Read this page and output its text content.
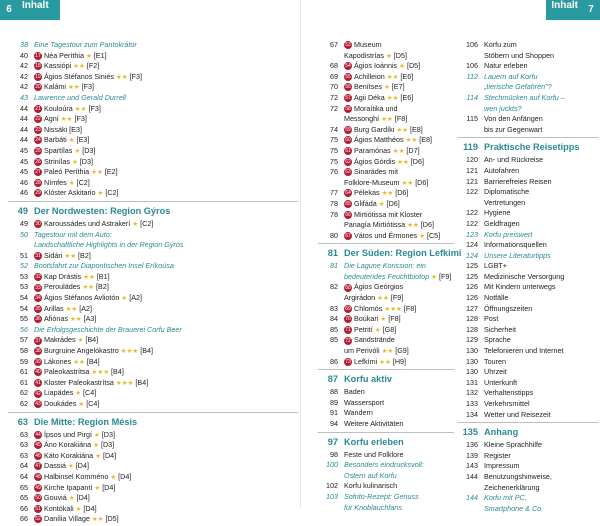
6	Inhalt
38 Eine Tagestour zum Pantokrátor
40 17 Néa Períthia ★ [E1]
42 18 Kassiópi ★★ [F2]
42 19 Ágios Stéfanos Siniés ★★ [F3]
42 20 Kalámi ★★ [F3]
43 Lawrence und Gerald Durrell
44 21 Kouloúra ★★ [F3]
44 22 Agní ★★ [F3]
44 23 Nissáki [E3]
44 24 Barbáti ★ [E3]
45 25 Spartílas ★ [D3]
45 26 Strinílas ★ [D3]
45 27 Paleó Períthia ★★ [E2]
46 28 Nímfes ★ [C2]
46 29 Klóster Askitario ★ [C2]
49 Der Nordwesten: Region Gýros
49 30 Karoussádes und Astrakerí ★ [C2]
50 Tagestour mit dem Auto:
Landschaftliche Highlights in der Region Gýros
51 31 Sidári ★★ [B2]
52 Bootsfahrt zur Diapontischen Insel Eríkoúsa
53 32 Kap Drástis ★★ [B1]
53 33 Peroulädes ★★ [B2]
54 34 Ágios Stéfanos Avliotón ★ [A2]
54 35 Arillas ★★ [A2]
55 36 Afiónas ★★ [A3]
56 Die Erfolgsgeschichte der Brauerei Corfu Beer
57 37 Makrádes ★ [B4]
58 38 Burgruine Angelókastro ★★★ [B4]
59 39 Lákones ★★ [B4]
61 40 Paleokastrítsa ★★★ [B4]
61 41 Kloster Paleokastrítsa ★★★ [B4]
62 42 Liapädes ★ [C4]
62 43 Doukádes ★ [C4]
63 Die Mitte: Region Mésis
63 44 Ípsos und Pirgí ★ [D3]
63 45 Áno Korakiána ★ [D3]
63 46 Káto Korakiána ★ [D4]
64 47 Dassiá ★ [D4]
64 48 Halbinsel Komméno ★ [D4]
65 49 Kirche Ipapantí ★ [D4]
65 50 Gouviá ★ [D4]
66 51 Kontókali ★ [D4]
66 52 Danília Village ★★ [D5]
Inhalt	7
67 53 Museum
Kapodistrías ★ [D5]
68 54 Ágios Ioánnis ★ [D5]
69 55 Achilleion ★★ [E6]
70 56 Benítses ★ [E7]
72 57 Agii Déka ★★ [E6]
72 58 Moraítika und
Messonghí ★★ [F8]
74 59 Burg Gardíki ★★ [E8]
75 60 Ágios Matthéos ★★ [E8]
75 61 Paramónas ★★ [D7]
75 62 Ágios Górdis ★★ [D6]
76 63 Sinarádes mit
Folklore-Museum ★★ [D6]
77 64 Pélekas ★★ [D6]
78 65 Glifáda ★ [D6]
78 66 Mirtiótissa mit Kloster
Panagía Mirtiótissa ★★ [D6]
80 67 Vátos und Érmones ★ [C5]
81 Der Süden: Region Lefkimi
81 Die Lagune Korission: ein
bedeutendes Feuchtbiotop ★ [F9]
82 68 Ágios Geórgios
Argirádon ★★ [F9]
83 69 Chlomós ★★★ [F8]
84 70 Boúkari ★ [F8]
85 71 Petrití ★ [G8]
85 72 Sandstrände
um Perivóli ★★ [G9]
86 73 Lefkími ★★ [H9]
87 Korfu aktiv
88 Baden
89 Wassersport
91 Wandern
94 Weitere Aktivitäten
97 Korfu erleben
98 Feste und Folklore
100 Besonders eindrucksvoll:
Ostern auf Korfu
102 Korfu kulinarisch
103 Sofrito-Rezept: Genuss
für Knoblauchfans
106 Korfu zum
Stöbern und Shoppen
106 Natur erleben
112 Lauern auf Korfu
„tierische Gefahren"?
114 Stechmücken auf Korfu –
wen juckts?
115 Von den Anfängen
bis zur Gegenwart
119 Praktische Reisetipps
120 An- und Rückreise
121 Autofahren
121 Barrierefreies Reisen
122 Diplomatische
Vertretungen
122 Hygiene
122 Geldfragen
123 Korfu preiswert
124 Informationsquellen
124 Unsere Literaturtipps
125 LGBT+
125 Medizinische Versorgung
126 Mit Kindern unterwegs
126 Notfälle
127 Öffnungszeiten
128 Post
128 Sicherheit
129 Sprache
130 Telefonieren und Internet
130 Touren
130 Uhrzeit
131 Unterkunft
132 Verhaltenstipps
133 Verkehrsmittel
134 Wetter und Reisezeit
135 Anhang
136 Kleine Sprachhilfe
139 Register
143 Impressum
144 Benutzungshinweise,
Zeichenerklärung
144 Korfu mit PC,
Smartphone & Co.
